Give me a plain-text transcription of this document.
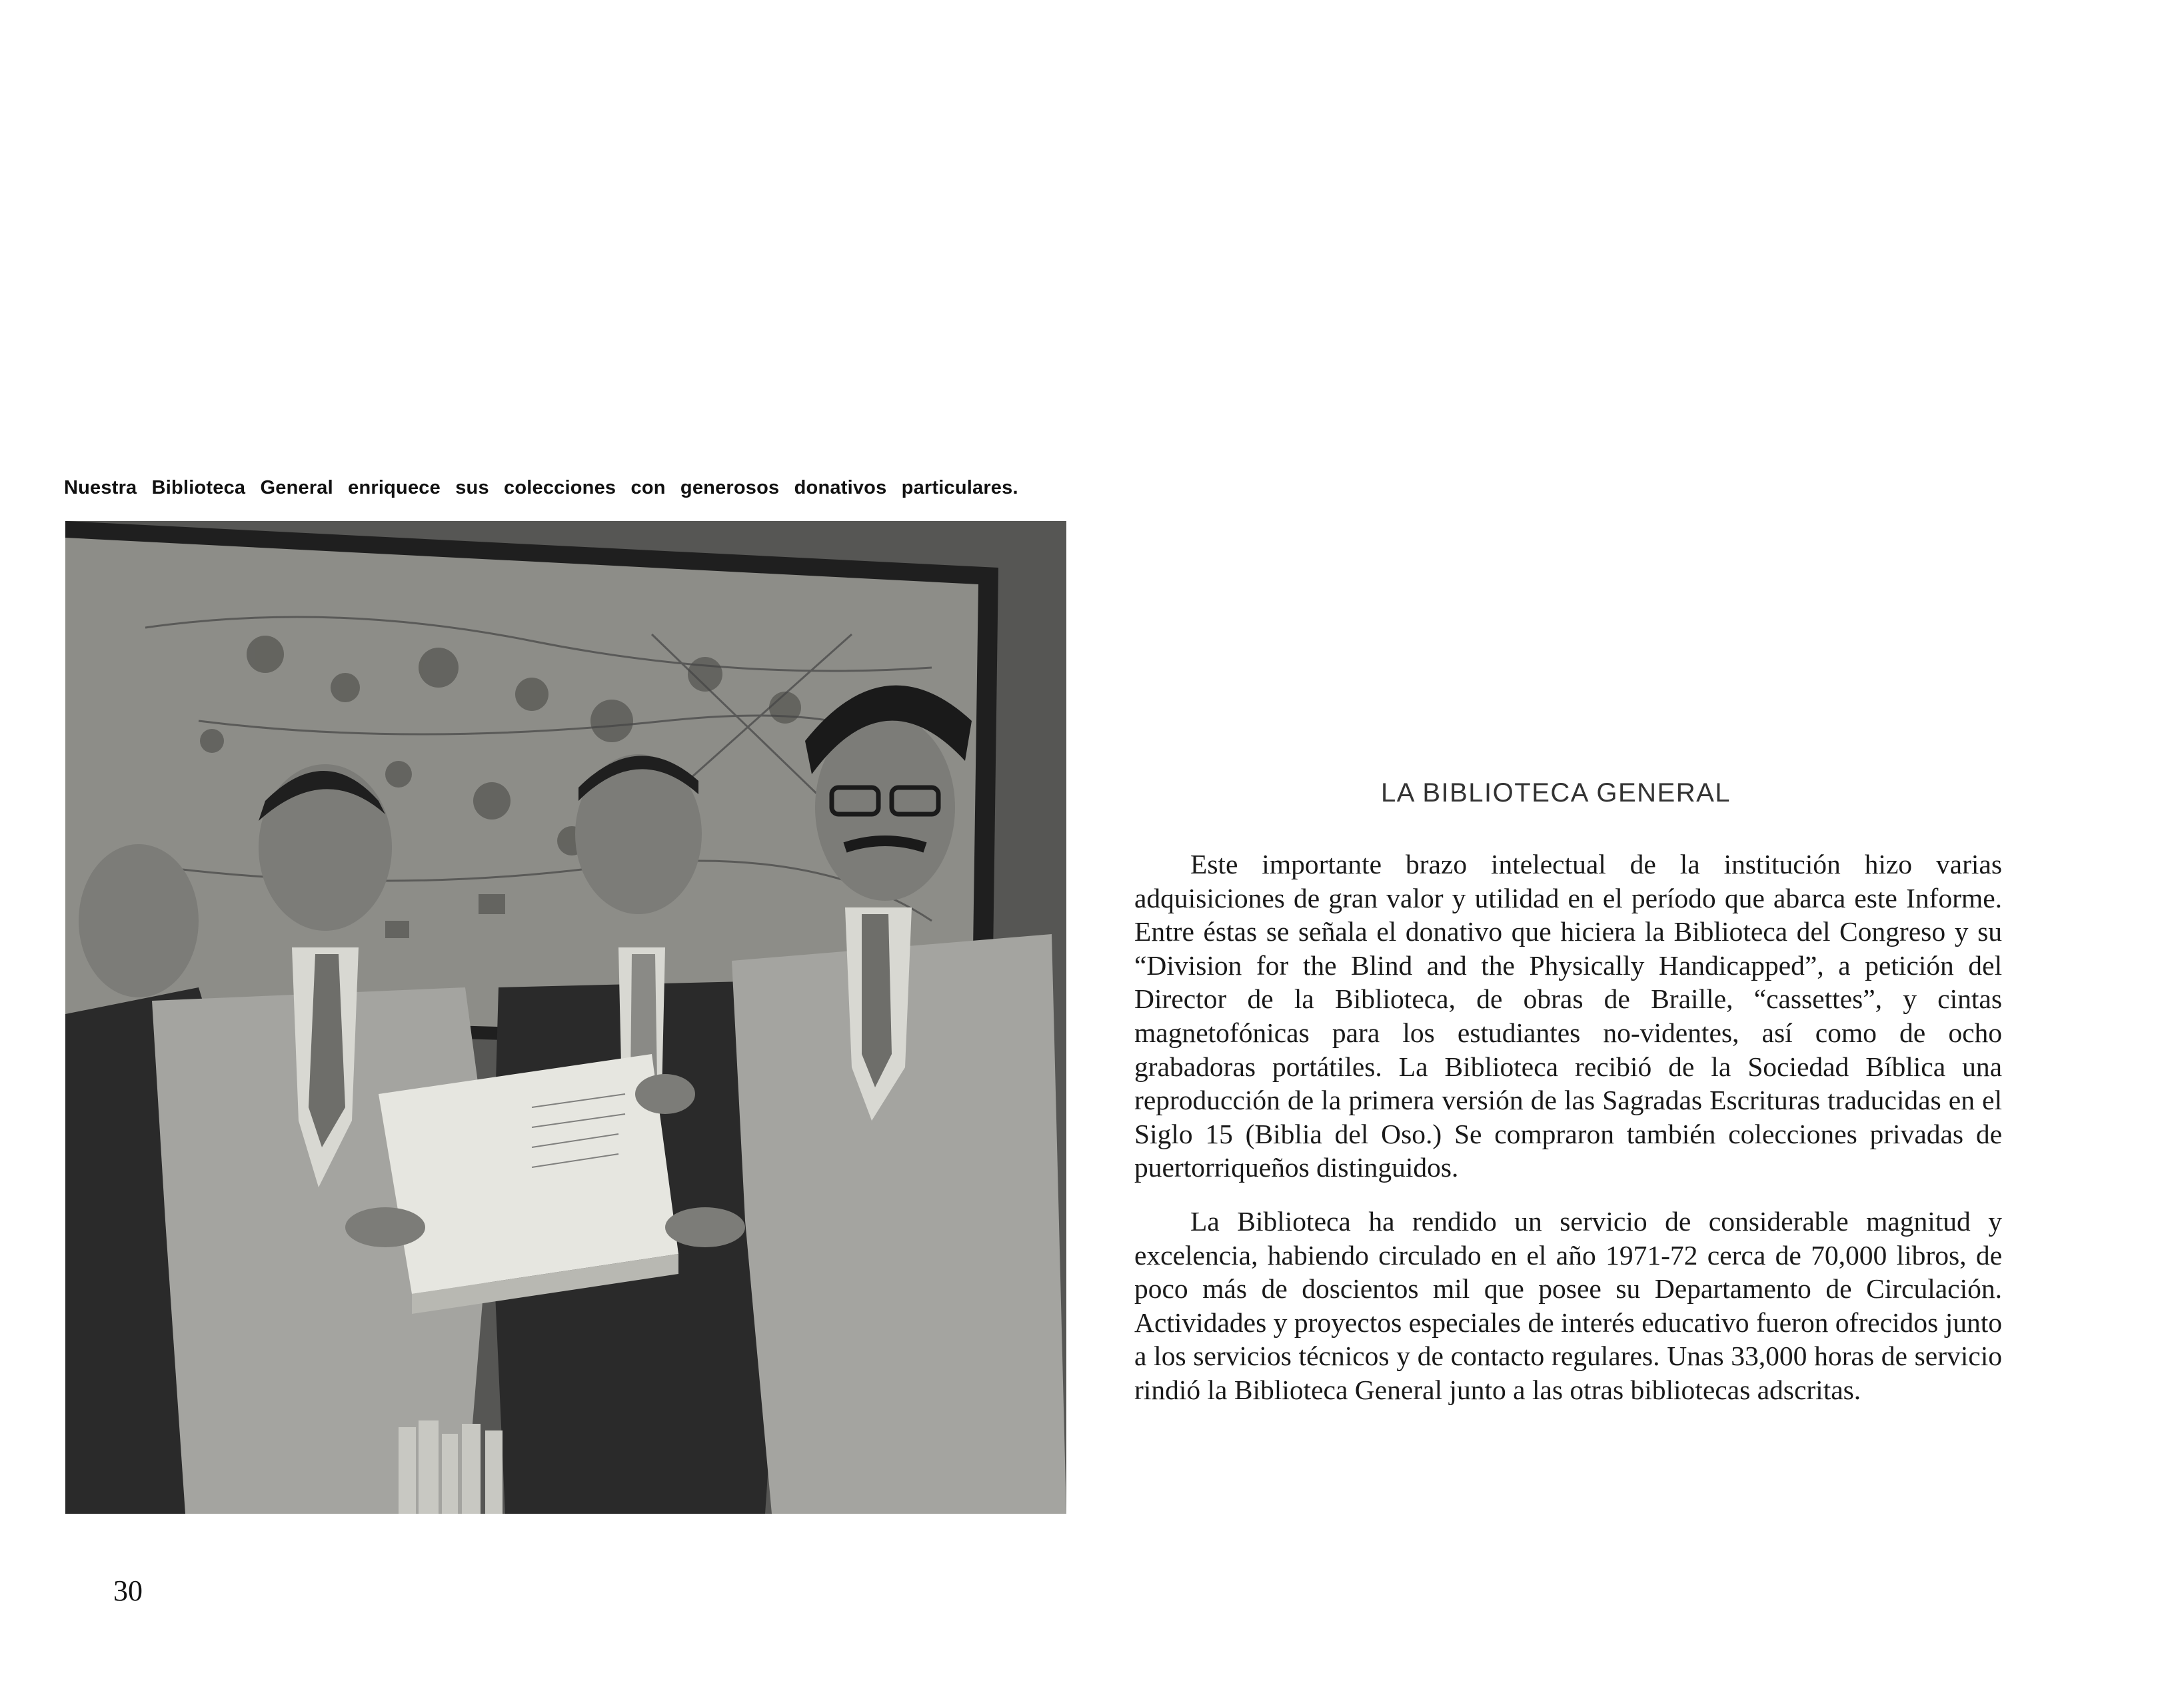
Nuestra Biblioteca General enriquece sus colecciones con generosos donativos particulares.
30
LA BIBLIOTECA GENERAL

Este importante brazo intelectual de la institución hizo varias adquisiciones de gran valor y utilidad en el período que abarca este Informe. Entre éstas se señala el donativo que hiciera la Biblioteca del Congreso y su “Division for the Blind and the Physically Handicapped”, a petición del Director de la Biblioteca, de obras de Braille, “cassettes”, y cintas magnetofónicas para los estudiantes no-videntes, así como de ocho grabadoras portátiles. La Biblioteca recibió de la Sociedad Bíblica una reproducción de la primera versión de las Sagradas Escrituras traducidas en el Siglo 15 (Biblia del Oso.) Se compraron también colecciones privadas de puertorriqueños distinguidos.

La Biblioteca ha rendido un servicio de considerable magnitud y excelencia, habiendo circulado en el año 1971-72 cerca de 70,000 libros, de poco más de doscientos mil que posee su Departamento de Circulación. Actividades y proyectos especiales de interés educativo fueron ofrecidos junto a los servicios técnicos y de contacto regulares. Unas 33,000 horas de servicio rindió la Biblioteca General junto a las otras bibliotecas adscritas.
